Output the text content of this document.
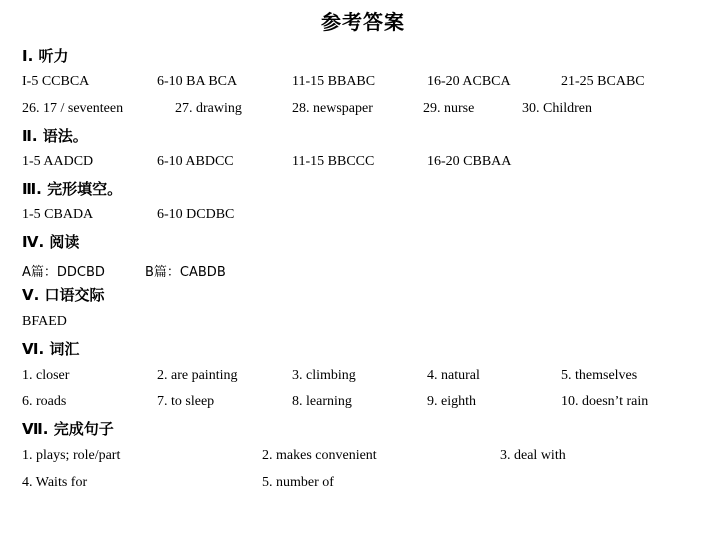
参考答案
Ⅰ. 听力
I-5 CCBCA	6-10 BA BCA	11-15 BBABC	16-20 ACBCA	21-25 BCABC
26. 17 / seventeen	27. drawing	28. newspaper	29. nurse	30. Children
Ⅱ. 语法。
1-5 AADCD	6-10 ABDCC	11-15 BBCCC	16-20 CBBAA
Ⅲ. 完形填空。
1-5 CBADA	6-10 DCDBC
Ⅳ. 阅读
A篇：DDCBD	B篇：CABDB
Ⅴ. 口语交际
BFAED
Ⅵ. 词汇
1. closer	2. are painting	3. climbing	4. natural	5. themselves
6. roads	7. to sleep	8. learning	9. eighth	10. doesn’t rain
Ⅶ. 完成句子
1. plays; role/part	2. makes convenient	3. deal with
4. Waits for	5. number of
